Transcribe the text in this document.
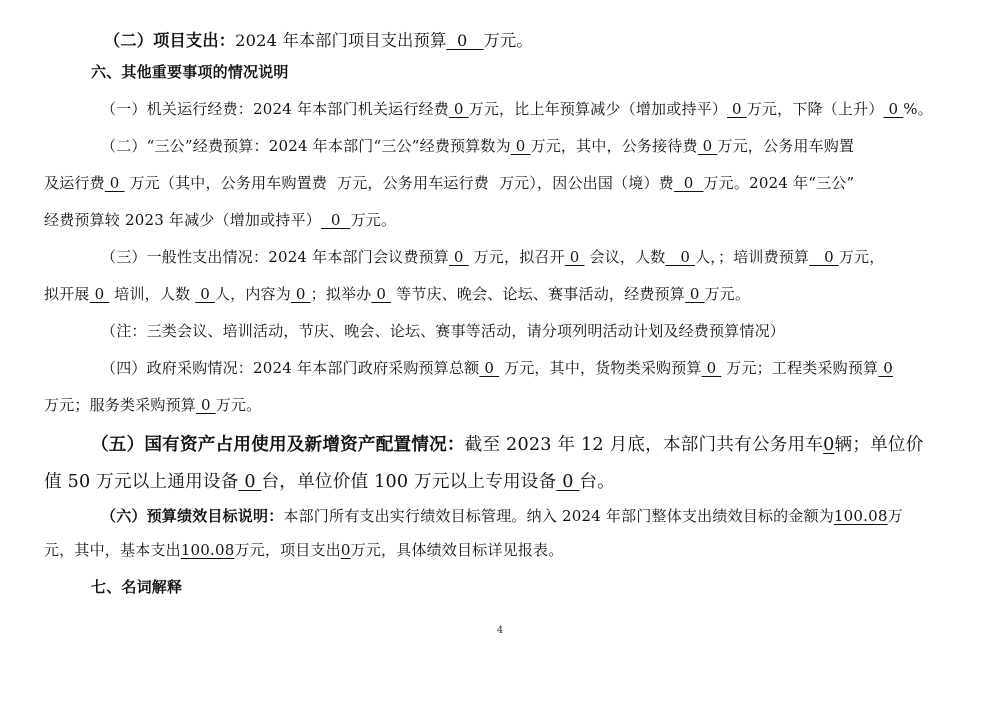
（二）项目支出：2024 年本部门项目支出预算  0   万元。
六、其他重要事项的情况说明
（一）机关运行经费：2024 年本部门机关运行经费 0 万元，比上年预算减少（增加或持平） 0 万元，下降（上升） 0 %。
（二）“三公”经费预算：2024 年本部门“三公”经费预算数为 0 万元，其中，公务接待费 0 万元，公务用车购置
及运行费 0  万元（其中，公务用车购置费  万元，公务用车运行费  万元），因公出国（境）费  0  万元。2024 年“三公”
经费预算较 2023 年减少（增加或持平）  0  万元。
（三）一般性支出情况：2024 年本部门会议费预算 0  万元，拟召开 0  会议，人数   0 人，；培训费预算   0 万元，
拟开展 0  培训，人数  0 人，内容为 0 ；拟举办 0  等节庆、晚会、论坛、赛事活动，经费预算 0 万元。
（注：三类会议、培训活动，节庆、晚会、论坛、赛事等活动，请分项列明活动计划及经费预算情况）
（四）政府采购情况：2024 年本部门政府采购预算总额 0  万元，其中，货物类采购预算 0  万元；工程类采购预算 0
万元；服务类采购预算 0 万元。
（五）国有资产占用使用及新增资产配置情况：截至 2023 年 12 月底，本部门共有公务用车0辆；单位价
值 50 万元以上通用设备 0 台，单位价值 100 万元以上专用设备 0 台。
（六）预算绩效目标说明：本部门所有支出实行绩效目标管理。纳入 2024 年部门整体支出绩效目标的金额为100.08万
元，其中，基本支出100.08万元，项目支出0万元，具体绩效目标详见报表。
七、名词解释
4
